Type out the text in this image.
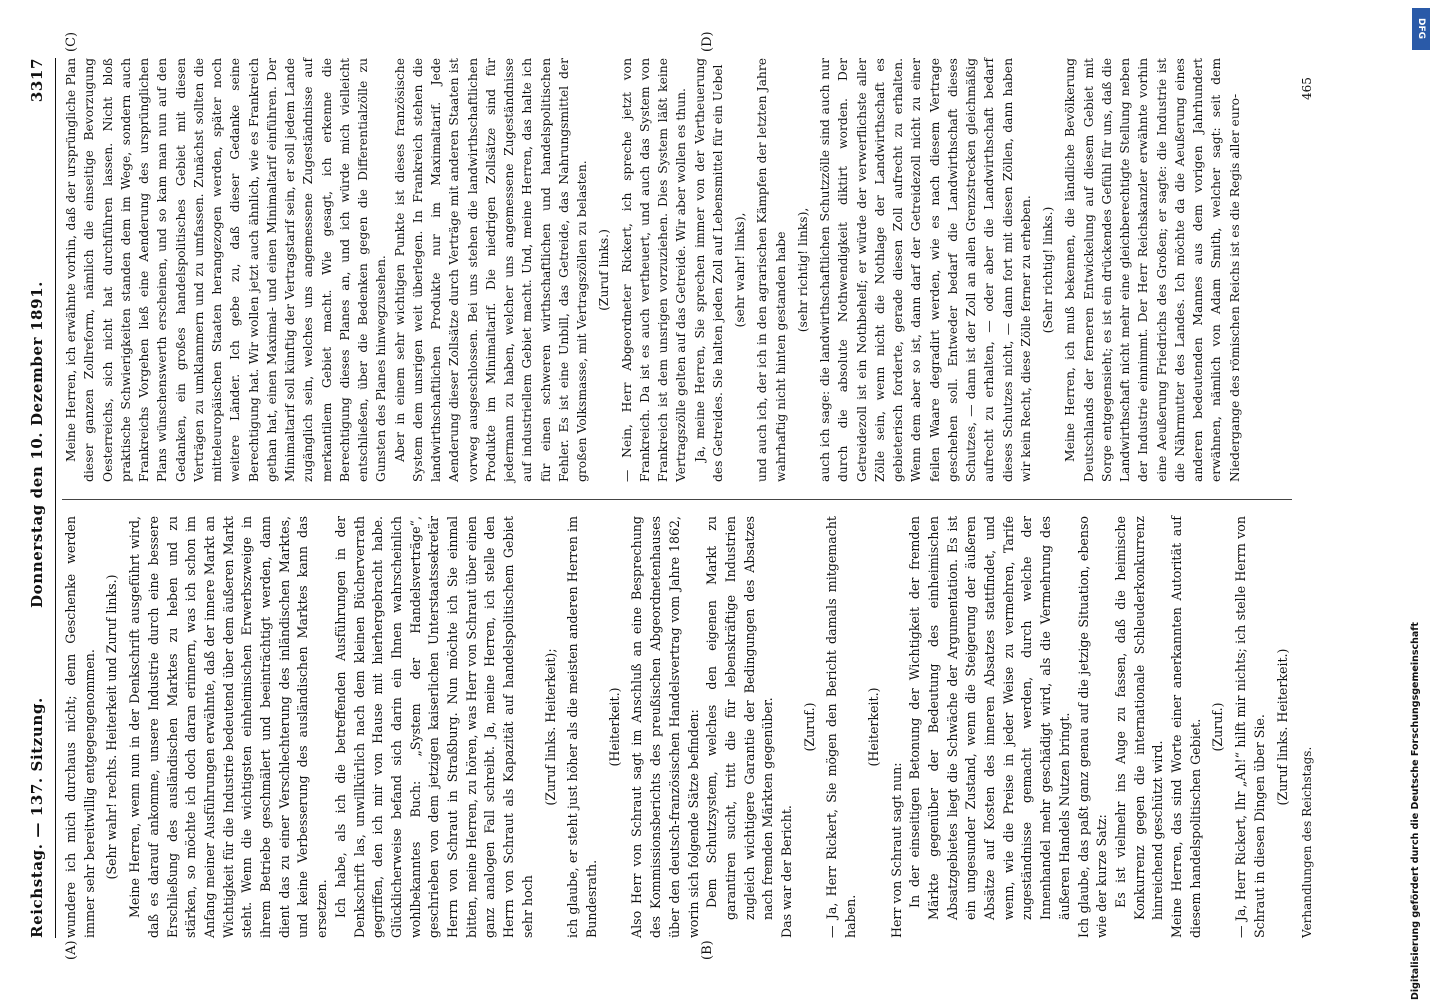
Reichstag. — 137. Sitzung.
Donnerstag den 10. Dezember 1891.
3317
(A)	(B)
(C)	(D)

wundere ich mich durchaus nicht; denn Geschenke werden immer sehr bereitwillig entgegengenommen. (Sehr wahr! rechts. Heiterkeit und Zuruf links.) Meine Herren, wenn nun in der Denkschrift ausgeführt wird, daß es darauf ankomme, unsere Industrie durch eine bessere Erschließung des ausländischen Marktes zu heben und zu stärken, so möchte ich doch daran erinnern, was ich schon im Anfang meiner Ausführungen erwähnte, daß der innere Markt an Wichtigkeit für die Industrie bedeutend über dem äußeren Markt steht. Wenn die wichtigsten einheimischen Erwerbszweige in ihrem Betriebe geschmälert und beeinträchtigt werden, dann dient das zu einer Verschlechterung des inländischen Marktes, und keine Verbesserung des ausländischen Marktes kann das ersetzen. Ich habe, als ich die betreffenden Ausführungen in der Denkschrift las, unwillkürlich nach dem kleinen Bücherverrath gegriffen, den ich mir von Hause mit hierhergebracht habe. Glücklicherweise befand sich darin ein Ihnen wahrscheinlich wohlbekanntes Buch: „System der Handelsverträge“, geschrieben von dem jetzigen kaiserlichen Unterstaatssekretär Herrn von Schraut in Straßburg. Nun möchte ich Sie einmal bitten, meine Herren, zu hören, was Herr von Schraut über einen ganz analogen Fall schreibt. Ja, meine Herren, ich stelle den Herrn von Schraut als Kapazität auf handelspolitischem Gebiet sehr hoch

(Zuruf links. Heiterkeit); ich glaube, er steht just höher als die meisten anderen Herren im Bundesrath.

(Heiterkeit.) Also Herr von Schraut sagt im Anschluß an eine Besprechung des Kommissionsberichts des preußischen Abgeordnetenhauses über den deutsch-französischen Handelsvertrag vom Jahre 1862, worin sich folgende Sätze befinden: Dem Schutzsystem, welches den eigenen Markt zu garantiren sucht, tritt die für lebenskräftige Industrien zugleich wichtigere Garantie der Bedingungen des Absatzes nach fremden Märkten gegenüber. Das war der Bericht.

(Zuruf.) — Ja, Herr Rickert, Sie mögen den Bericht damals mitgemacht haben.

(Heiterkeit.)

Herr von Schraut sagt nun: In der einseitigen Betonung der Wichtigkeit der fremden Märkte gegenüber der Bedeutung des einheimischen Absatzgebietes liegt die Schwäche der Argumentation. Es ist ein ungesunder Zustand, wenn die Steigerung der äußeren Absätze auf Kosten des inneren Absatzes stattfindet, und wenn, wie die Preise in jeder Weise zu vermehren, Tarife zugeständnisse gemacht werden, durch welche der Innenhandel mehr geschädigt wird, als die Vermehrung des äußeren Handels Nutzen bringt. Ich glaube, das paßt ganz genau auf die jetzige Situation, ebenso wie der kurze Satz: Es ist vielmehr ins Auge zu fassen, daß die heimische Konkurrenz gegen die internationale Schleuderkonkurrenz hinreichend geschützt wird. Meine Herren, das sind Worte einer anerkannten Autorität auf diesem handelspolitischen Gebiet. (Zuruf.) — Ja, Herr Rickert, Ihr „Ah!“ hilft mir nichts; ich stelle Herrn von Schraut in diesen Dingen über Sie. (Zuruf links. Heiterkeit.)

Meine Herren, ich erwähnte vorhin, daß der ursprüngliche Plan dieser ganzen Zollreform, nämlich die einseitige Bevorzugung Oesterreichs, sich nicht hat durchführen lassen. Nicht bloß praktische Schwierigkeiten standen dem im Wege, sondern auch Frankreichs Vorgehen ließ eine Aenderung des ursprünglichen Plans wünschenswerth erscheinen, und so kam man nun auf den Gedanken, ein großes handelspolitisches Gebiet mit diesen Verträgen zu umklammern und zu umfassen. Zunächst sollten die mitteleuropäischen Staaten herangezogen werden, später noch weitere Länder. Ich gebe zu, daß dieser Gedanke seine Berechtigung hat. Wir wollen jetzt auch ähnlich, wie es Frankreich gethan hat, einen Maximal- und einen Minimaltarif einführen. Der Minimaltarif soll künftig der Vertragstarif sein, er soll jedem Lande zugänglich sein, welches uns angemessene Zugeständnisse auf merkantilem Gebiet macht. Wie gesagt, ich erkenne die Berechtigung dieses Planes an, und ich würde mich vielleicht entschließen, über die Bedenken gegen die Differentialzölle zu Gunsten des Planes hinwegzusehen. Aber in einem sehr wichtigen Punkte ist dieses französische System dem unsrigen weit überlegen. In Frankreich stehen die landwirthschaftlichen Produkte nur im Maximaltarif. Jede Aenderung dieser Zollsätze durch Verträge mit anderen Staaten ist vorweg ausgeschlossen. Bei uns stehen die landwirthschaftlichen Produkte im Minimaltarif. Die niedrigen Zollsätze sind für jedermann zu haben, welcher uns angemessene Zugeständnisse auf industriellem Gebiet macht. Und, meine Herren, das halte ich für einen schweren wirthschaftlichen und handelspolitischen Fehler. Es ist eine Unbill, das Getreide, das Nahrungsmittel der großen Volksmasse, mit Vertragszöllen zu belasten. (Zuruf links.) — Nein, Herr Abgeordneter Rickert, ich spreche jetzt von Frankreich. Da ist es auch vertheuert, und auch das System von Frankreich ist dem unsrigen vorzuziehen. Dies System läßt keine Vertragszölle gelten auf das Getreide. Wir aber wollen es thun. Ja, meine Herren, Sie sprechen immer von der Vertheuerung des Getreides. Sie halten jeden Zoll auf Lebensmittel für ein Uebel (sehr wahr! links), und auch ich, der ich in den agrarischen Kämpfen der letzten Jahre wahrhaftig nicht hinten gestanden habe (sehr richtig! links), auch ich sage: die landwirthschaftlichen Schutzzölle sind auch nur durch die absolute Nothwendigkeit diktirt worden. Der Getreidezoll ist ein Nothbehelf; er würde der verwerflichste aller Zölle sein, wenn nicht die Nothlage der Landwirthschaft es gebieterisch forderte, gerade diesen Zoll aufrecht zu erhalten. Wenn dem aber so ist, dann darf der Getreidezoll nicht zu einer feilen Waare degradirt werden, wie es nach diesem Vertrage geschehen soll. Entweder bedarf die Landwirthschaft dieses Schutzes, — dann ist der Zoll an allen Grenzstrecken gleichmäßig aufrecht zu erhalten, — oder aber die Landwirthschaft bedarf dieses Schutzes nicht, — dann fort mit diesen Zöllen, dann haben wir kein Recht, diese Zölle ferner zu erheben. (Sehr richtig! links.) Meine Herren, ich muß bekennen, die ländliche Bevölkerung Deutschlands der ferneren Entwickelung auf diesem Gebiet mit Sorge entgegensieht; es ist ein drückendes Gefühl für uns, daß die Landwirthschaft nicht mehr eine gleichberechtigte Stellung neben der Industrie einnimmt. Der Herr Reichskanzler erwähnte vorhin eine Aeußerung Friedrichs des Großen; er sagte: die Industrie ist die Nährmutter des Landes. Ich möchte da die Aeußerung eines anderen bedeutenden Mannes aus dem vorigen Jahrhundert erwähnen, nämlich von Adam Smith, welcher sagt: seit dem Niedergange des römischen Reichs ist es die Regis aller euro-

Verhandlungen des Reichstags.
465
DFG
Digitalisierung gefördert durch die Deutsche Forschungsgemeinschaft
